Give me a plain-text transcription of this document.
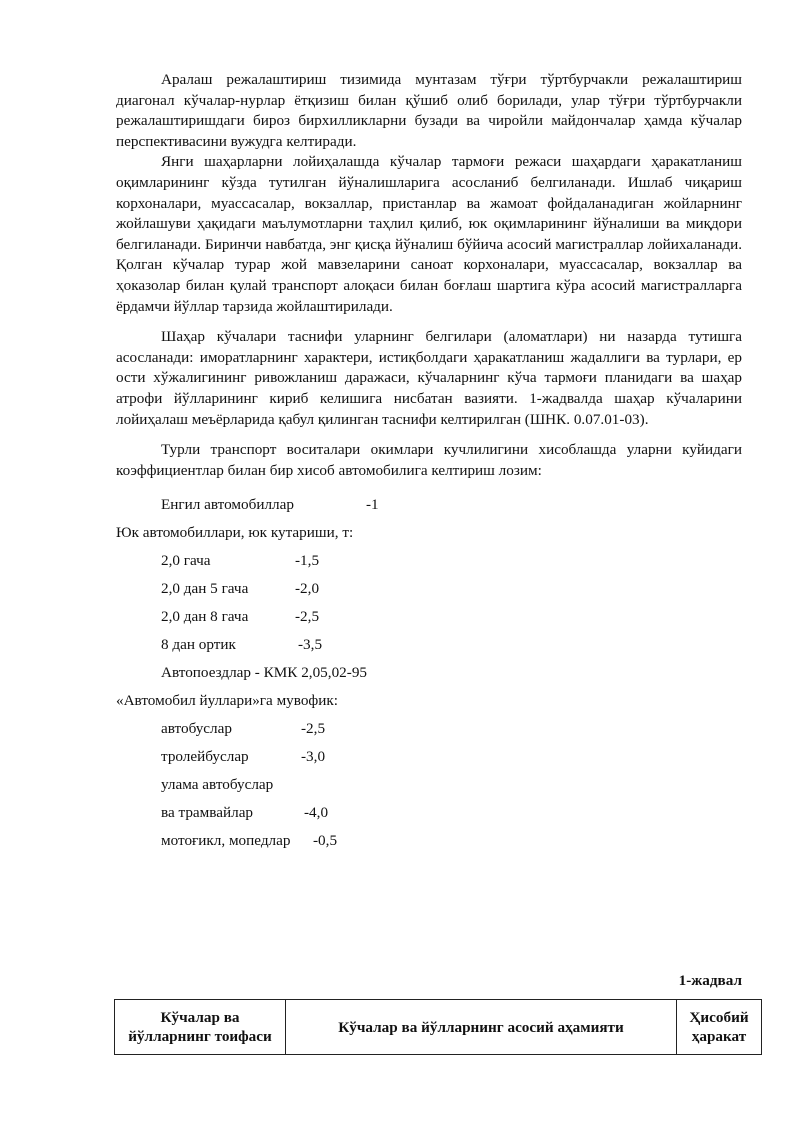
Аралаш режалаштириш тизимида мунтазам тўғри тўртбурчакли режалаштириш диагонал кўчалар-нурлар ётқизиш билан қўшиб олиб борилади, улар тўғри тўртбурчакли режалаштиришдаги бироз бирхилликларни бузади ва чиройли майдончалар ҳамда кўчалар перспективасини вужудга келтиради.

Янги шаҳарларни лойиҳалашда кўчалар тармоғи режаси шаҳардаги ҳаракатланиш оқимларининг кўзда тутилган йўналишларига асосланиб белгиланади. Ишлаб чиқариш корхоналари, муассасалар, вокзаллар, пристанлар ва жамоат фойдаланадиган жойларнинг жойлашуви ҳақидаги маълумотларни таҳлил қилиб, юк оқимларининг йўналиши ва миқдори белгиланади. Биринчи навбатда, энг қисқа йўналиш бўйича асосий магистраллар лойихаланади. Қолган кўчалар турар жой мавзеларини саноат корхоналари, муассасалар, вокзаллар ва ҳоказолар билан қулай транспорт алоқаси билан боғлаш шартига кўра асосий магистралларга ёрдамчи йўллар тарзида жойлаштирилади.

Шаҳар кўчалари таснифи уларнинг белгилари (аломатлари) ни назарда тутишга асосланади: иморатларнинг характери, истиқболдаги ҳаракатланиш жадаллиги ва турлари, ер ости хўжалигининг ривожланиш даражаси, кўчаларнинг кўча тармоғи планидаги ва шаҳар атрофи йўлларининг кириб келишига нисбатан вазияти. 1-жадвалда шаҳар кўчаларини лойиҳалаш меъёрларида қабул қилинган таснифи келтирилган (ШНК. 0.07.01-03).

Турли транспорт воситалари окимлари кучлилигини хисоблашда уларни куйидаги коэффициентлар билан бир хисоб автомобилига келтириш лозим:

Енгил автомобиллар	-1
Юк автомобиллари, юк кутариши, т:
2,0 гача	-1,5
2,0 дан 5 гача	-2,0
2,0 дан 8 гача	-2,5
8 дан ортик	-3,5
Автопоездлар - КМК 2,05,02-95
«Автомобил йуллари»га мувофик:
автобуслар	-2,5
тролейбуслар	-3,0
улама автобуслар
ва трамвайлар	-4,0
мотоғикл, мопедлар -0,5
1-жадвал
Кўчалар ва йўлларнинг тоифаси	Кўчалар ва йўлларнинг асосий аҳамияти	Ҳисобий ҳаракат
